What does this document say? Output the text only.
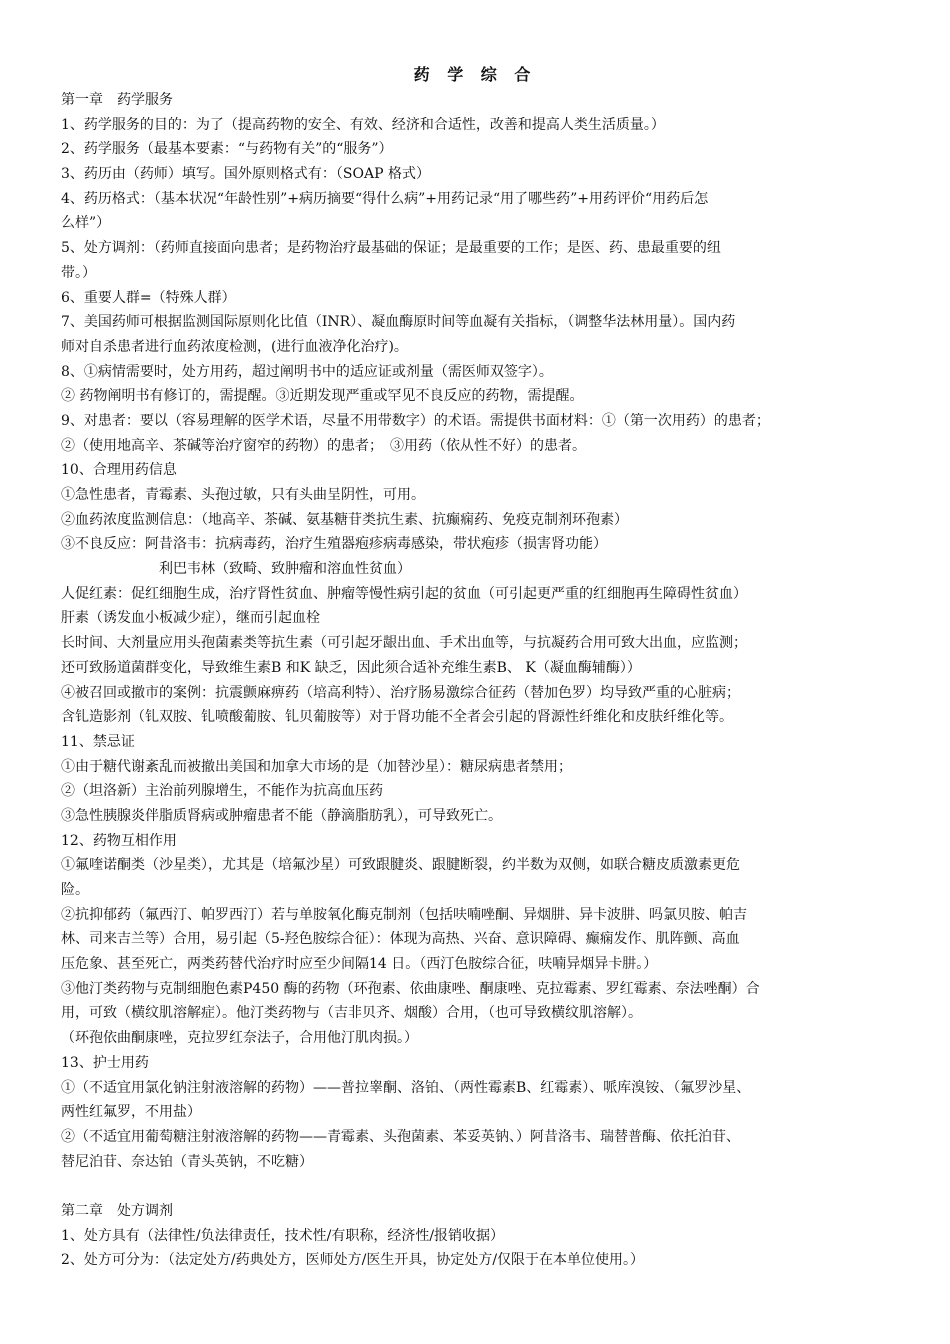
药 学 综 合
第一章　药学服务
1、药学服务的目的：为了（提高药物的安全、有效、经济和合适性，改善和提高人类生活质量。）
2、药学服务（最基本要素：“与药物有关”的“服务”）
3、药历由（药师）填写。国外原则格式有：（SOAP 格式）
4、药历格式：（基本状况“年龄性别”+病历摘要“得什么病”+用药记录“用了哪些药”+用药评价“用药后怎
么样”）
5、处方调剂：（药师直接面向患者；是药物治疗最基础的保证；是最重要的工作；是医、药、患最重要的纽
带。）
6、重要人群=（特殊人群）
7、美国药师可根据监测国际原则化比值（INR）、凝血酶原时间等血凝有关指标，（调整华法林用量）。国内药
师对自杀患者进行血药浓度检测，(进行血液净化治疗)。
8、①病情需要时，处方用药，超过阐明书中的适应证或剂量（需医师双签字）。
② 药物阐明书有修订的，需提醒。③近期发现严重或罕见不良反应的药物，需提醒。
9、对患者：要以（容易理解的医学术语，尽量不用带数字）的术语。需提供书面材料：①（第一次用药）的患者；
②（使用地高辛、茶碱等治疗窗窄的药物）的患者；　③用药（依从性不好）的患者。
10、合理用药信息
①急性患者，青霉素、头孢过敏，只有头曲呈阴性，可用。
②血药浓度监测信息：（地高辛、茶碱、氨基糖苷类抗生素、抗癫痫药、免疫克制剂环孢素）
③不良反应：阿昔洛韦：抗病毒药，治疗生殖器疱疹病毒感染，带状疱疹（损害肾功能）
利巴韦林（致畸、致肿瘤和溶血性贫血）
人促红素：促红细胞生成，治疗肾性贫血、肿瘤等慢性病引起的贫血（可引起更严重的红细胞再生障碍性贫血）
肝素（诱发血小板减少症），继而引起血栓
长时间、大剂量应用头孢菌素类等抗生素（可引起牙龈出血、手术出血等，与抗凝药合用可致大出血，应监测；
还可致肠道菌群变化，导致维生素B 和K 缺乏，因此须合适补充维生素B、 K（凝血酶辅酶））
④被召回或撤市的案例：抗震颤麻痹药（培高利特）、治疗肠易激综合征药（替加色罗）均导致严重的心脏病；
含钆造影剂（钆双胺、钆喷酸葡胺、钆贝葡胺等）对于肾功能不全者会引起的肾源性纤维化和皮肤纤维化等。
11、禁忌证
①由于糖代谢紊乱而被撤出美国和加拿大市场的是（加替沙星）：糖尿病患者禁用；
②（坦洛新）主治前列腺增生，不能作为抗高血压药
③急性胰腺炎伴脂质肾病或肿瘤患者不能（静滴脂肪乳），可导致死亡。
12、药物互相作用
①氟喹诺酮类（沙星类），尤其是（培氟沙星）可致跟腱炎、跟腱断裂，约半数为双侧，如联合糖皮质激素更危
险。
②抗抑郁药（氟西汀、帕罗西汀）若与单胺氧化酶克制剂（包括呋喃唑酮、异烟肼、异卡波肼、吗氯贝胺、帕吉
林、司来吉兰等）合用，易引起（5-羟色胺综合征）：体现为高热、兴奋、意识障碍、癫痫发作、肌阵颤、高血
压危象、甚至死亡，两类药替代治疗时应至少间隔14 日。（西汀色胺综合征，呋喃异烟异卡肼。）
③他汀类药物与克制细胞色素P450 酶的药物（环孢素、依曲康唑、酮康唑、克拉霉素、罗红霉素、奈法唑酮）合
用，可致（横纹肌溶解症）。他汀类药物与（吉非贝齐、烟酸）合用，（也可导致横纹肌溶解）。
（环孢依曲酮康唑，克拉罗红奈法子，合用他汀肌肉损。）
13、护士用药
①（不适宜用氯化钠注射液溶解的药物）——普拉睾酮、洛铂、（两性霉素B、红霉素）、哌库溴铵、（氟罗沙星、
两性红氟罗，不用盐）
②（不适宜用葡萄糖注射液溶解的药物——青霉素、头孢菌素、苯妥英钠、）阿昔洛韦、瑞替普酶、依托泊苷、
替尼泊苷、奈达铂（青头英钠，不吃糖）
第二章　处方调剂
1、处方具有（法律性/负法律责任，技术性/有职称，经济性/报销收据）
2、处方可分为：（法定处方/药典处方，医师处方/医生开具，协定处方/仅限于在本单位使用。）
